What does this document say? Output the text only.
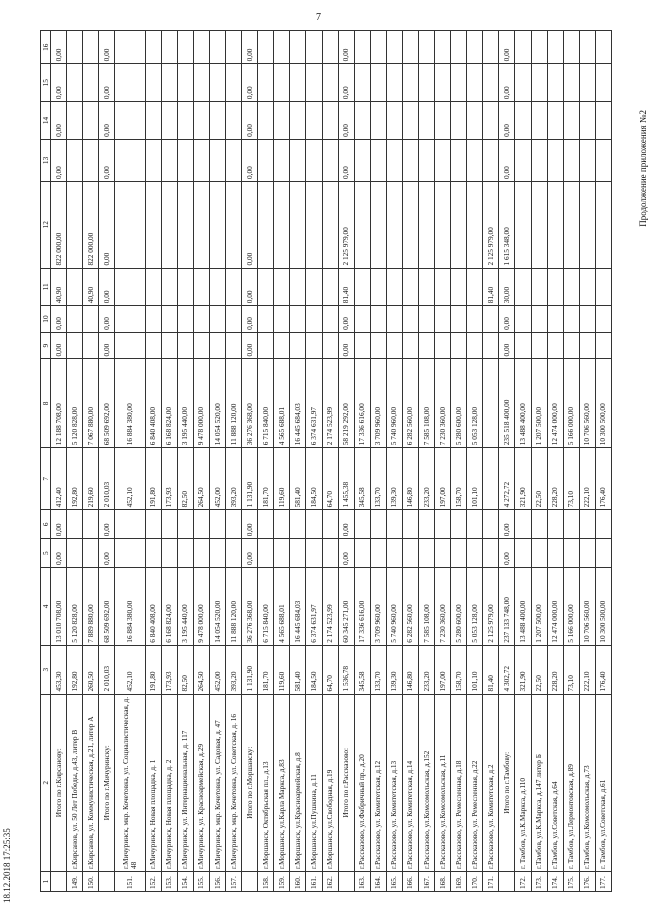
7
Продолжение приложения №2
18.12.2018 17:25:35	1	2	3	4	5	6	7	8	9	10	11	12	13	14	15	16
	Итого по г.Кирсанову:	453,30	13 010 708,00	0,00	0,00	412,40	12 188 708,00	0,00	0,00	40,90	822 000,00	0,00	0,00	0,00	0,00
149.	г.Кирсанов, ул. 50 Лет Победы, д.43, литер В	192,80	5 120 828,00			192,80	5 120 828,00								
150.	г.Кирсанов, ул. Коммунистическая, д.21, литер А	260,50	7 889 880,00			219,60	7 067 880,00			40,90	822 000,00				
	Итого по г.Мичуринску:	2 010,03	68 509 692,00	0,00	0,00	2 010,03	68 509 692,00	0,00	0,00	0,00	0,00	0,00	0,00	0,00	0,00
151.	г.Мичуринск, мкр. Кочетовка, ул. Социалистическая, д. 48	452,10	16 884 380,00			452,10	16 884 380,00								
152.	г.Мичуринск, Новая площадка, д. 1	191,80	6 840 408,00			191,80	6 840 408,00								
153.	г.Мичуринск, Новая площадка, д. 2	173,93	6 168 824,00			173,93	6 168 824,00								
154.	г.Мичуринск, ул. Интернациональная, д. 117	82,50	3 195 440,00			82,50	3 195 440,00								
155.	г.Мичуринск, ул. Красноармейская, д.29	264,50	9 478 000,00			264,50	9 478 000,00								
156.	г.Мичуринск, мкр. Кочетовка, ул. Садовая, д. 47	452,00	14 054 520,00			452,00	14 054 520,00								
157.	г.Мичуринск, мкр. Кочетовка, ул. Советская, д. 16	393,20	11 888 120,00			393,20	11 888 120,00								
	Итого по г.Моршанску:	1 131,90	36 276 368,00	0,00	0,00	1 131,90	36 276 368,00	0,00	0,00	0,00	0,00	0,00	0,00	0,00	0,00
158.	г.Моршанск, Октябрьская пл., д.13	181,70	6 715 840,00			181,70	6 715 840,00								
159.	г.Моршанск, ул.Карла Маркса, д.83	119,60	4 565 688,01			119,60	4 565 688,01								
160.	г.Моршанск, ул.Красноармейская, д.8	581,40	16 445 684,03			581,40	16 445 684,03								
161.	г.Моршанск, ул.Пушкина, д.11	184,50	6 374 631,97			184,50	6 374 631,97								
162.	г.Моршанск, ул.Свободная, д.19	64,70	2 174 523,99			64,70	2 174 523,99								
	Итого по г.Рассказово:	1 536,78	60 345 271,00	0,00	0,00	1 455,38	58 219 292,00	0,00	0,00	81,40	2 125 979,00	0,00	0,00	0,00	0,00
163.	г.Рассказово, ул.Фабричный пр., д.20	345,58	17 336 616,00			345,58	17 336 616,00								
164.	г.Рассказово, ул. Комитетская, д.12	133,70	3 709 960,00			133,70	3 709 960,00								
165.	г.Рассказово, ул. Комитетская, д.13	139,30	5 740 960,00			139,30	5 740 960,00								
166.	г.Рассказово, ул. Комитетская, д.14	146,80	6 282 560,00			146,80	6 282 560,00								
167.	г.Рассказово, ул.Комсомольская, д.152	233,20	7 585 108,00			233,20	7 585 108,00								
168.	г.Рассказово, ул.Комсомольская, д.11	197,00	7 230 360,00			197,00	7 230 360,00								
169.	г.Рассказово, ул. Ремесленная, д.18	158,70	5 280 600,00			158,70	5 280 600,00								
170.	г.Рассказово, ул. Ремесленная, д.22	101,10	5 053 128,00			101,10	5 053 128,00								
171.	г.Рассказово, ул. Комитетская, д.2	81,40	2 125 979,00							81,40	2 125 979,00				
	Итого по г.Тамбову:	4 302,72	237 133 748,00	0,00	0,00	4 272,72	235 518 400,00	0,00	0,00	30,00	1 615 348,00	0,00	0,00	0,00	0,00
172.	г. Тамбов, ул.К.Маркса, д.110	321,90	13 488 400,00			321,90	13 488 400,00								
173.	г.Тамбов, ул.К.Маркса, д.147 литер Б	22,50	1 207 500,00			22,50	1 207 500,00								
174.	г.Тамбов, ул.Советская, д.64	228,20	12 474 000,00			228,20	12 474 000,00								
175.	г. Тамбов, ул.Лермонтовская, д.89	73,10	5 166 000,00			73,10	5 166 000,00								
176.	г.Тамбов, ул.Комсомольская, д.73	222,10	10 706 560,00			222,10	10 706 560,00								
177.	г. Тамбов, ул.Советская, д.61	176,40	10 300 500,00			176,40	10 300 500,00								
